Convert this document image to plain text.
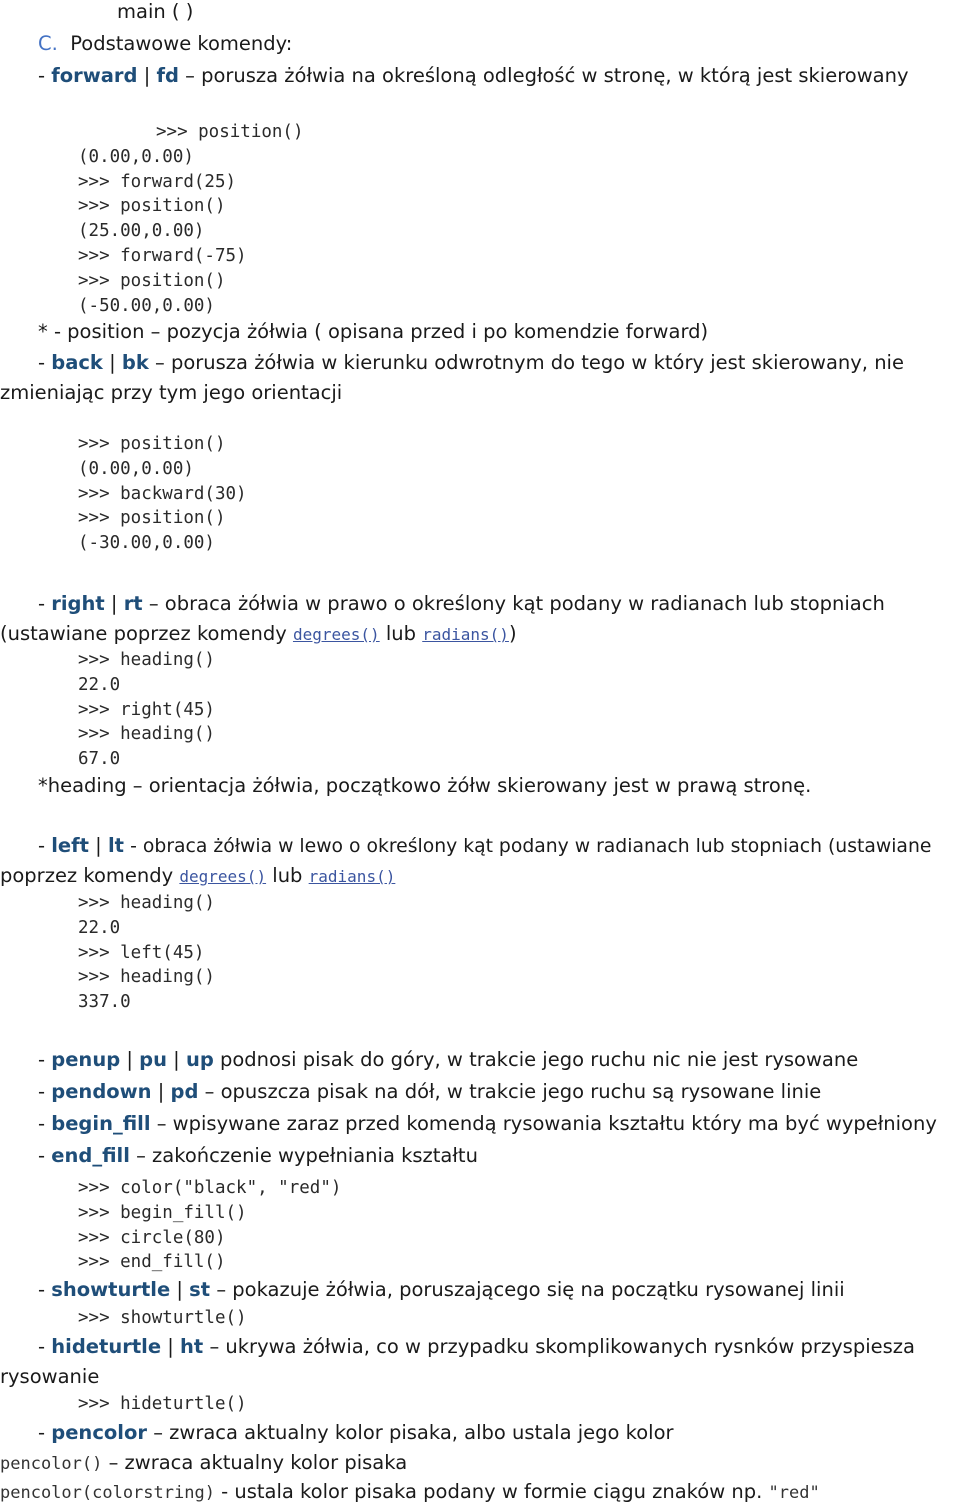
main ( )
C. Podstawowe komendy:
- forward | fd – porusza żółwia na określoną odległość w stronę, w którą jest skierowany
>>> position()
(0.00,0.00)
>>> forward(25)
>>> position()
(25.00,0.00)
>>> forward(-75)
>>> position()
(-50.00,0.00)
* - position – pozycja żółwia ( opisana przed i po komendzie forward)
- back | bk – porusza żółwia w kierunku odwrotnym do tego w który jest skierowany, nie
zmieniając przy tym jego orientacji
>>> position()
(0.00,0.00)
>>> backward(30)
>>> position()
(-30.00,0.00)
- right | rt – obraca żółwia w prawo o określony kąt podany w radianach lub stopniach
(ustawiane poprzez komendy degrees() lub radians())
>>> heading()
22.0
>>> right(45)
>>> heading()
67.0
*heading – orientacja żółwia, początkowo żółw skierowany jest w prawą stronę.
- left | lt - obraca żółwia w lewo o określony kąt podany w radianach lub stopniach (ustawiane
poprzez komendy degrees() lub radians()
>>> heading()
22.0
>>> left(45)
>>> heading()
337.0
- penup | pu | up podnosi pisak do góry, w trakcie jego ruchu nic nie jest rysowane
- pendown | pd – opuszcza pisak na dół, w trakcie jego ruchu są rysowane linie
- begin_fill – wpisywane zaraz przed komendą rysowania kształtu który ma być wypełniony
- end_fill – zakończenie wypełniania kształtu
>>> color("black", "red")
>>> begin_fill()
>>> circle(80)
>>> end_fill()
- showturtle | st – pokazuje żółwia, poruszającego się na początku rysowanej linii
>>> showturtle()
- hideturtle | ht – ukrywa żółwia, co w przypadku skomplikowanych rysnków przyspiesza
rysowanie
>>> hideturtle()
- pencolor – zwraca aktualny kolor pisaka, albo ustala jego kolor
pencolor() – zwraca aktualny kolor pisaka
pencolor(colorstring) - ustala kolor pisaka podany w formie ciągu znaków np. "red"
